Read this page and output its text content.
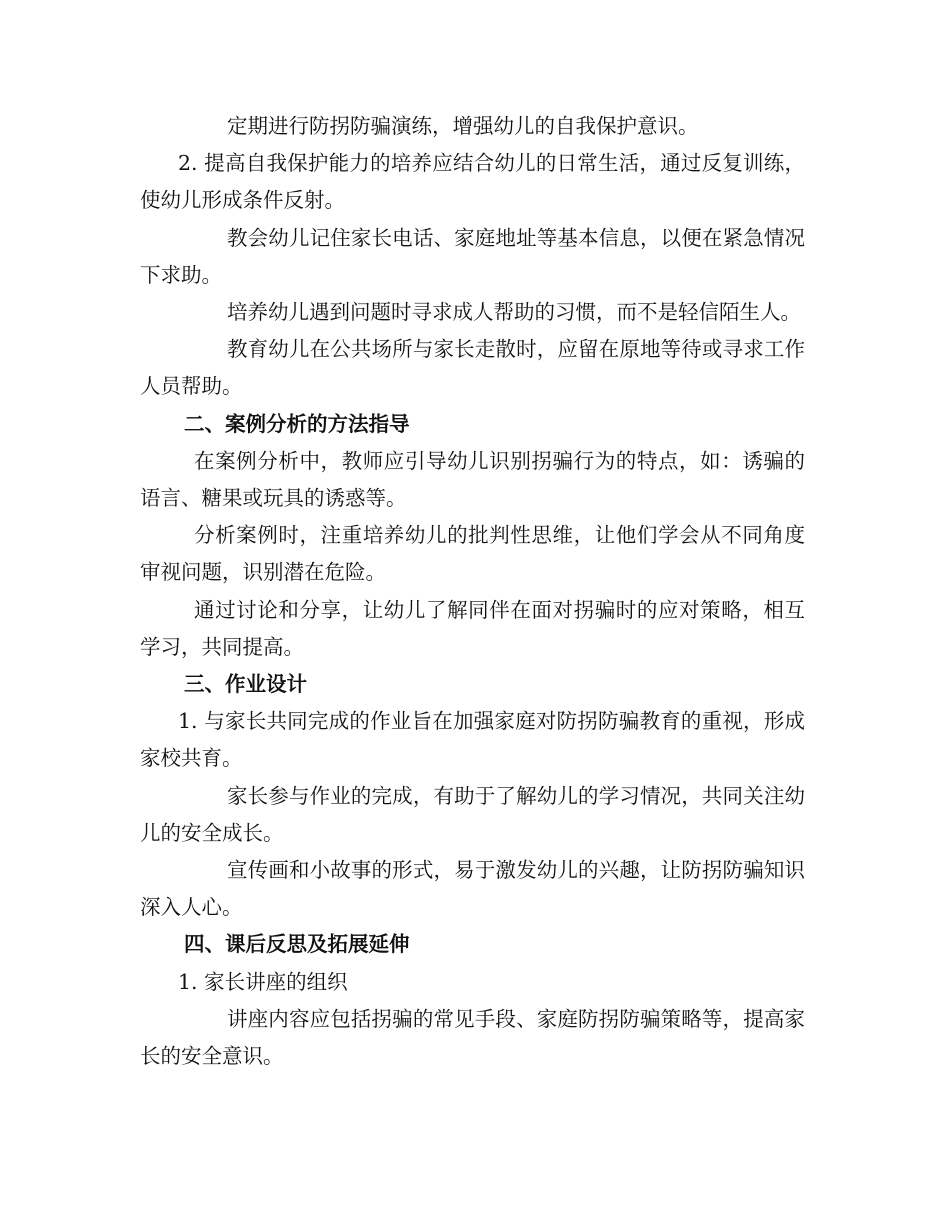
定期进行防拐防骗演练，增强幼儿的自我保护意识。

2. 提高自我保护能力的培养应结合幼儿的日常生活，通过反复训练，使幼儿形成条件反射。

教会幼儿记住家长电话、家庭地址等基本信息，以便在紧急情况下求助。

培养幼儿遇到问题时寻求成人帮助的习惯，而不是轻信陌生人。

教育幼儿在公共场所与家长走散时，应留在原地等待或寻求工作人员帮助。

二、案例分析的方法指导

在案例分析中，教师应引导幼儿识别拐骗行为的特点，如：诱骗的语言、糖果或玩具的诱惑等。

分析案例时，注重培养幼儿的批判性思维，让他们学会从不同角度审视问题，识别潜在危险。

通过讨论和分享，让幼儿了解同伴在面对拐骗时的应对策略，相互学习，共同提高。

三、作业设计

1. 与家长共同完成的作业旨在加强家庭对防拐防骗教育的重视，形成家校共育。

家长参与作业的完成，有助于了解幼儿的学习情况，共同关注幼儿的安全成长。

宣传画和小故事的形式，易于激发幼儿的兴趣，让防拐防骗知识深入人心。

四、课后反思及拓展延伸

1. 家长讲座的组织

讲座内容应包括拐骗的常见手段、家庭防拐防骗策略等，提高家长的安全意识。
